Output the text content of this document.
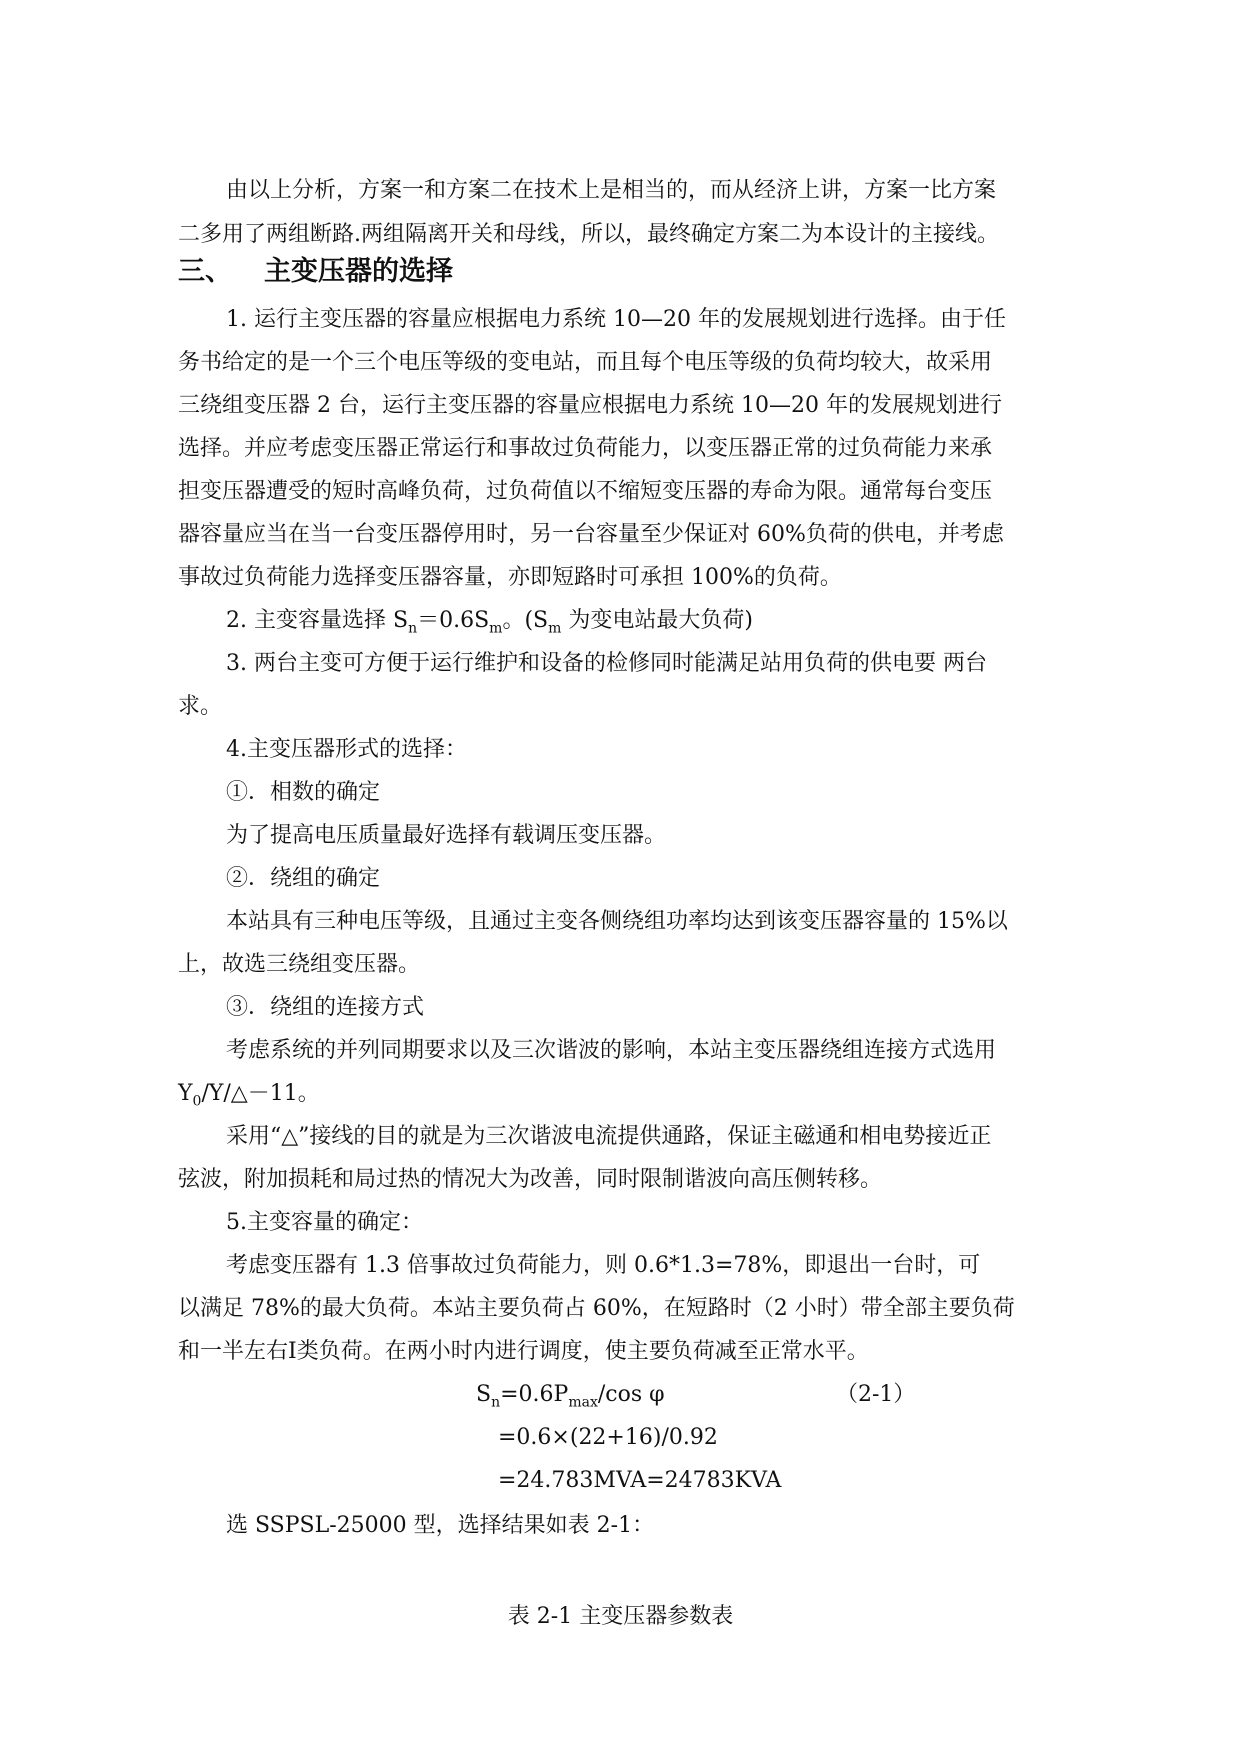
由以上分析，方案一和方案二在技术上是相当的，而从经济上讲，方案一比方案
二多用了两组断路.两组隔离开关和母线，所以，最终确定方案二为本设计的主接线。
三、 主变压器的选择
1. 运行主变压器的容量应根据电力系统 10—20 年的发展规划进行选择。由于任
务书给定的是一个三个电压等级的变电站，而且每个电压等级的负荷均较大，故采用
三绕组变压器 2 台，运行主变压器的容量应根据电力系统 10—20 年的发展规划进行
选择。并应考虑变压器正常运行和事故过负荷能力，以变压器正常的过负荷能力来承
担变压器遭受的短时高峰负荷，过负荷值以不缩短变压器的寿命为限。通常每台变压
器容量应当在当一台变压器停用时，另一台容量至少保证对 60%负荷的供电，并考虑
事故过负荷能力选择变压器容量，亦即短路时可承担 100%的负荷。
2. 主变容量选择 $S_n=0.6S_m$。($S_m$ 为变电站最大负荷)
3. 两台主变可方便于运行维护和设备的检修同时能满足站用负荷的供电要 两台
求。
4.主变压器形式的选择：
①．相数的确定
为了提高电压质量最好选择有载调压变压器。
②．绕组的确定
本站具有三种电压等级，且通过主变各侧绕组功率均达到该变压器容量的 15%以
上，故选三绕组变压器。
③．绕组的连接方式
考虑系统的并列同期要求以及三次谐波的影响，本站主变压器绕组连接方式选用
$Y_0/Y/\triangle-11$。
采用“△”接线的目的就是为三次谐波电流提供通路，保证主磁通和相电势接近正
弦波，附加损耗和局过热的情况大为改善，同时限制谐波向高压侧转移。
5.主变容量的确定：
考虑变压器有 1.3 倍事故过负荷能力，则 0.6*1.3=78%，即退出一台时，可
以满足 78%的最大负荷。本站主要负荷占 60%，在短路时（2 小时）带全部主要负荷
和一半左右Ⅰ类负荷。在两小时内进行调度，使主要负荷减至正常水平。
$S_n=0.6P_{max}/\cos$ φ	（2-1）
=0.6×(22+16)/0.92
=24.783MVA=24783KVA
选 SSPSL-25000 型，选择结果如表 2-1：
表 2-1 主变压器参数表
